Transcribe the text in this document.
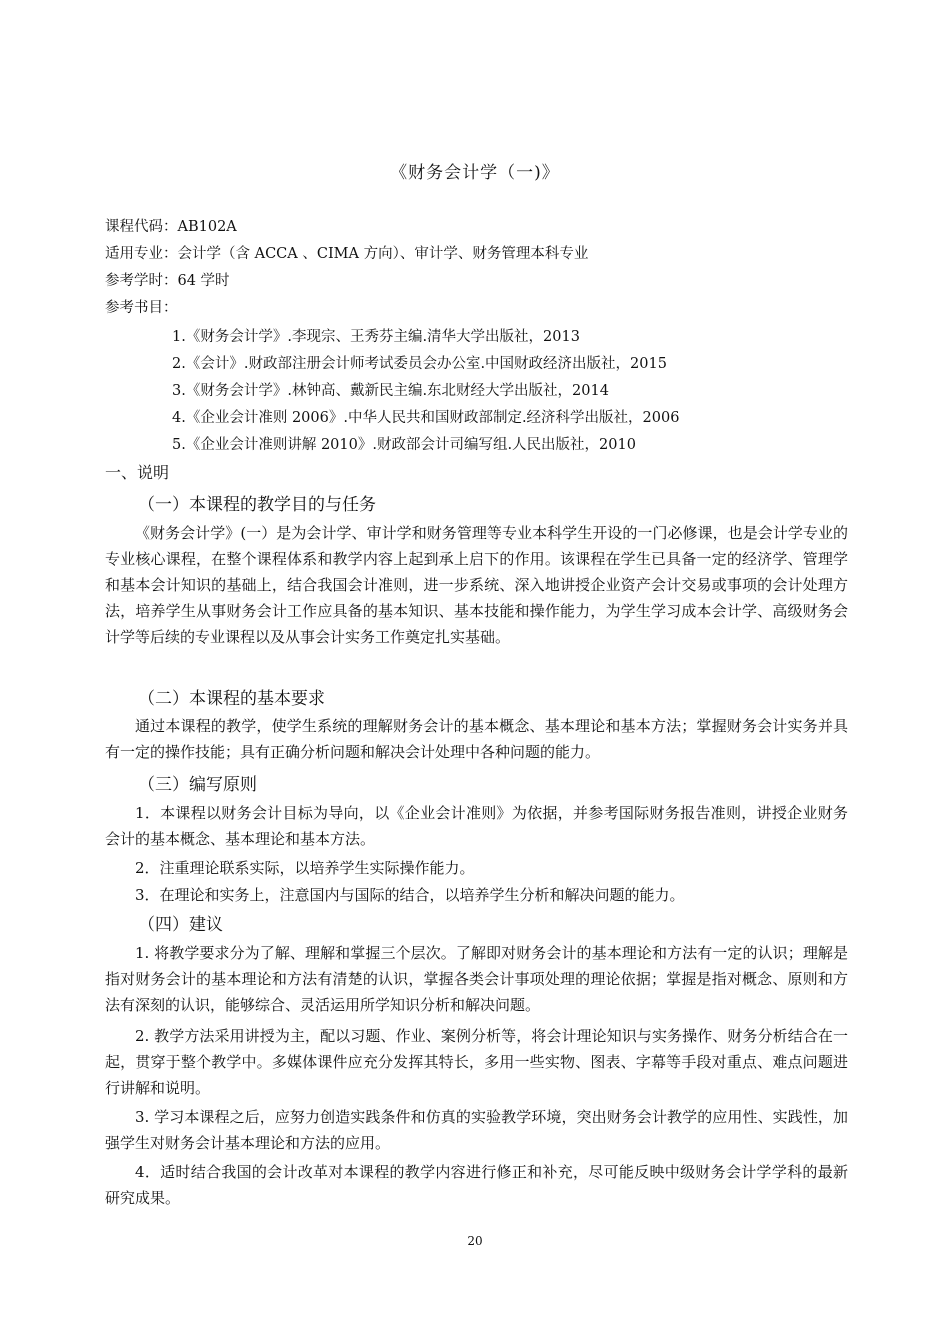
《财务会计学（一)》
课程代码：AB102A
适用专业：会计学（含 ACCA 、CIMA 方向）、审计学、财务管理本科专业
参考学时：64 学时
参考书目：
1.《财务会计学》.李现宗、王秀芬主编.清华大学出版社，2013
2.《会计》.财政部注册会计师考试委员会办公室.中国财政经济出版社，2015
3.《财务会计学》.林钟高、戴新民主编.东北财经大学出版社，2014
4.《企业会计准则 2006》.中华人民共和国财政部制定.经济科学出版社，2006
5.《企业会计准则讲解 2010》.财政部会计司编写组.人民出版社，2010
一、说明
（一）本课程的教学目的与任务
《财务会计学》(一）是为会计学、审计学和财务管理等专业本科学生开设的一门必修课，也是会计学专业的专业核心课程，在整个课程体系和教学内容上起到承上启下的作用。该课程在学生已具备一定的经济学、管理学和基本会计知识的基础上，结合我国会计准则，进一步系统、深入地讲授企业资产会计交易或事项的会计处理方法，培养学生从事财务会计工作应具备的基本知识、基本技能和操作能力，为学生学习成本会计学、高级财务会计学等后续的专业课程以及从事会计实务工作奠定扎实基础。
（二）本课程的基本要求
通过本课程的教学，使学生系统的理解财务会计的基本概念、基本理论和基本方法；掌握财务会计实务并具有一定的操作技能；具有正确分析问题和解决会计处理中各种问题的能力。
（三）编写原则
1．本课程以财务会计目标为导向，以《企业会计准则》为依据，并参考国际财务报告准则，讲授企业财务会计的基本概念、基本理论和基本方法。
2．注重理论联系实际，以培养学生实际操作能力。
3．在理论和实务上，注意国内与国际的结合，以培养学生分析和解决问题的能力。
（四）建议
1. 将教学要求分为了解、理解和掌握三个层次。了解即对财务会计的基本理论和方法有一定的认识；理解是指对财务会计的基本理论和方法有清楚的认识，掌握各类会计事项处理的理论依据；掌握是指对概念、原则和方法有深刻的认识，能够综合、灵活运用所学知识分析和解决问题。
2. 教学方法采用讲授为主，配以习题、作业、案例分析等，将会计理论知识与实务操作、财务分析结合在一起，贯穿于整个教学中。多媒体课件应充分发挥其特长，多用一些实物、图表、字幕等手段对重点、难点问题进行讲解和说明。
3. 学习本课程之后，应努力创造实践条件和仿真的实验教学环境，突出财务会计教学的应用性、实践性，加强学生对财务会计基本理论和方法的应用。
4．适时结合我国的会计改革对本课程的教学内容进行修正和补充，尽可能反映中级财务会计学学科的最新研究成果。
20
